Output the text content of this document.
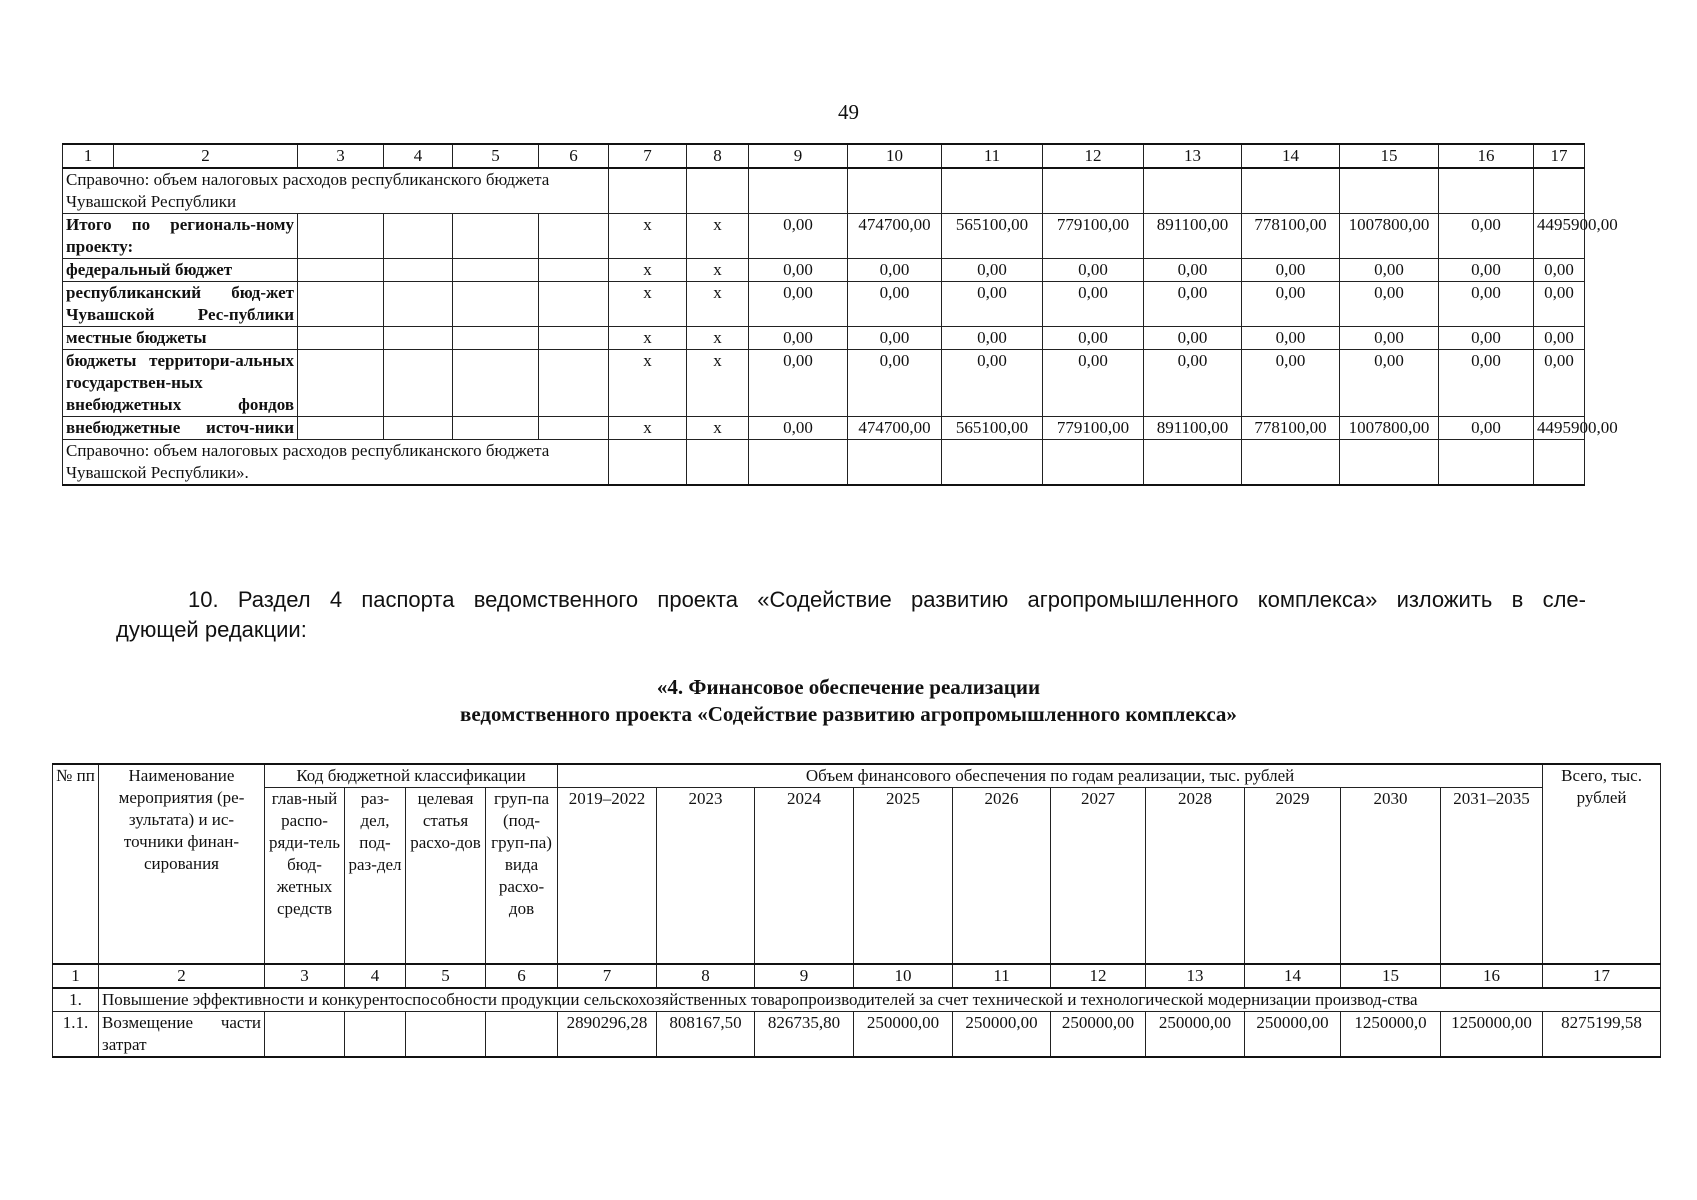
49
1	2	3	4	5	6	7	8	9	10	11	12	13	14	15	16	17
Справочно: объем налоговых расходов республиканского бюджета Чувашской Республики																
Итого по региональ-ному проекту:						x	x	0,00	474700,00	565100,00	779100,00	891100,00	778100,00	1007800,00	0,00	4495900,00
федеральный бюджет						x	x	0,00	0,00	0,00	0,00	0,00	0,00	0,00	0,00	0,00
республиканский бюд-жет Чувашской Рес-публики						x	x	0,00	0,00	0,00	0,00	0,00	0,00	0,00	0,00	0,00
местные бюджеты						x	x	0,00	0,00	0,00	0,00	0,00	0,00	0,00	0,00	0,00
бюджеты территори-альных государствен-ных внебюджетных фондов						x	x	0,00	0,00	0,00	0,00	0,00	0,00	0,00	0,00	0,00
внебюджетные источ-ники						x	x	0,00	474700,00	565100,00	779100,00	891100,00	778100,00	1007800,00	0,00	4495900,00
Справочно: объем налоговых расходов республиканского бюджета Чувашской Республики».																
10. Раздел 4 паспорта ведомственного проекта «Содействие развитию агропромышленного комплекса» изложить в сле-
дующей редакции:
«4. Финансовое обеспечение реализации
ведомственного проекта «Содействие развитию агропромышленного комплекса»
№ пп	Наименование мероприятия (ре-зультата) и ис-точники финан-сирования	Код бюджетной классификации				Объем финансового обеспечения по годам реализации, тыс. рублей										Всего, тыс. рублей
		глав-ный распо-ряди-тель бюд-жетных средств	раз-дел, под-раз-дел	целевая статья расхо-дов	груп-па (под-груп-па) вида расхо-дов	2019–2022	2023	2024	2025	2026	2027	2028	2029	2030	2031–2035	
1	2	3	4	5	6	7	8	9	10	11	12	13	14	15	16	17
1.	Повышение эффективности и конкурентоспособности продукции сельскохозяйственных товаропроизводителей за счет технической и технологической модернизации производ-ства															
1.1.	Возмещение части затрат					2890296,28	808167,50	826735,80	250000,00	250000,00	250000,00	250000,00	250000,00	1250000,0	1250000,00	8275199,58
